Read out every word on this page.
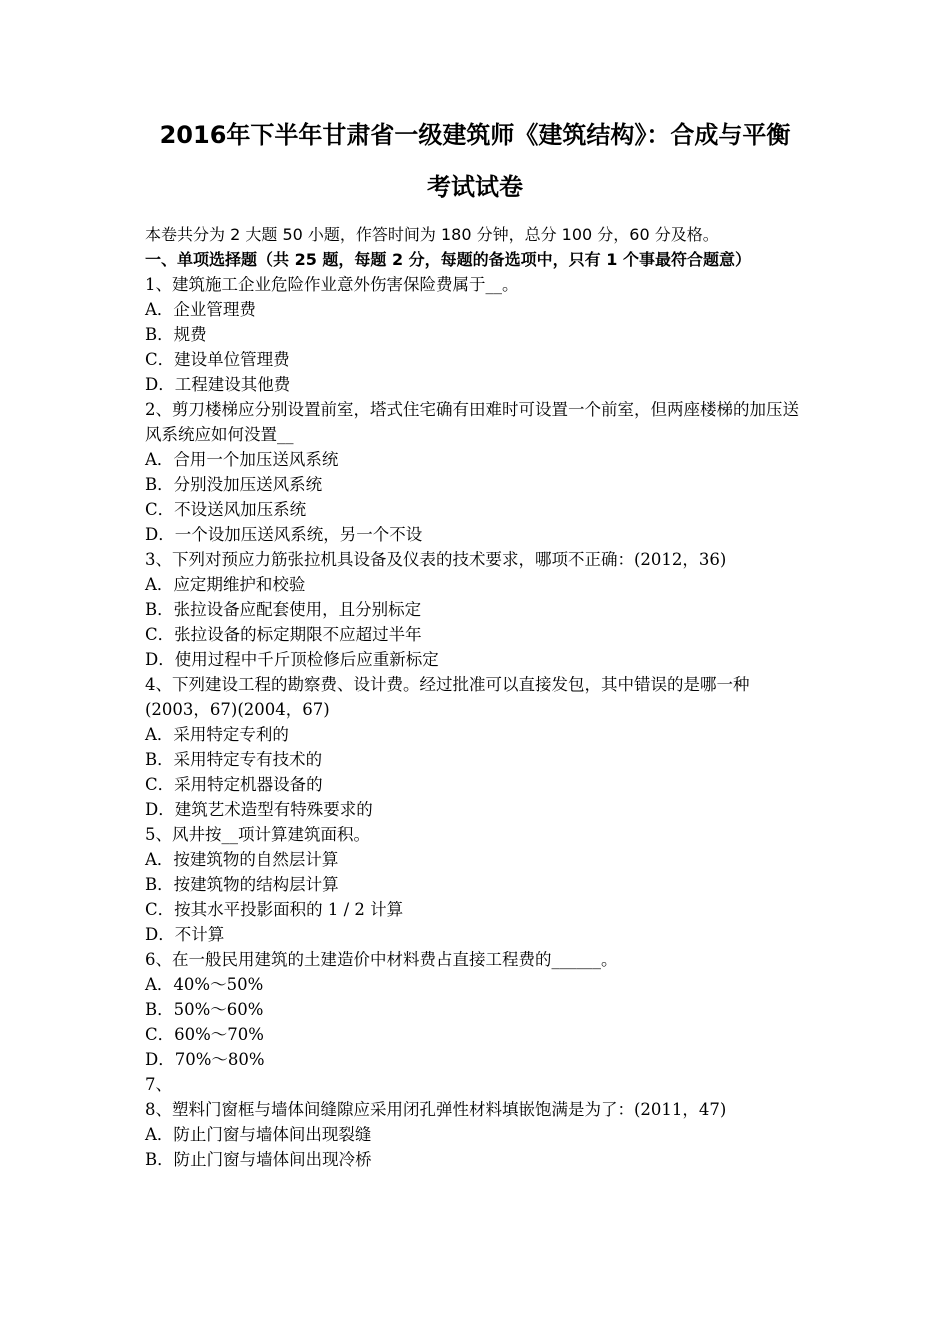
2016年下半年甘肃省一级建筑师《建筑结构》：合成与平衡
考试试卷
本卷共分为 2 大题 50 小题，作答时间为 180 分钟，总分 100 分，60 分及格。
一、单项选择题（共 25 题，每题 2 分，每题的备选项中，只有 1 个事最符合题意）
1、建筑施工企业危险作业意外伤害保险费属于__。
A．企业管理费
B．规费
C．建设单位管理费
D．工程建设其他费
2、剪刀楼梯应分别设置前室，塔式住宅确有田难时可设置一个前室，但两座楼梯的加压送风系统应如何没置__
A．合用一个加压送风系统
B．分别没加压送风系统
C．不设送风加压系统
D．一个设加压送风系统，另一个不设
3、下列对预应力筋张拉机具设备及仪表的技术要求，哪项不正确：(2012，36)
A．应定期维护和校验
B．张拉设备应配套使用，且分别标定
C．张拉设备的标定期限不应超过半年
D．使用过程中千斤顶检修后应重新标定
4、下列建设工程的勘察费、设计费。经过批准可以直接发包，其中错误的是哪一种(2003，67)(2004，67)
A．采用特定专利的
B．采用特定专有技术的
C．采用特定机器设备的
D．建筑艺术造型有特殊要求的
5、风井按__项计算建筑面积。
A．按建筑物的自然层计算
B．按建筑物的结构层计算
C．按其水平投影面积的 1 / 2 计算
D．不计算
6、在一般民用建筑的土建造价中材料费占直接工程费的______。
A．40%～50%
B．50%～60%
C．60%～70%
D．70%～80%
7、
8、塑料门窗框与墙体间缝隙应采用闭孔弹性材料填嵌饱满是为了：(2011，47)
A．防止门窗与墙体间出现裂缝
B．防止门窗与墙体间出现冷桥
